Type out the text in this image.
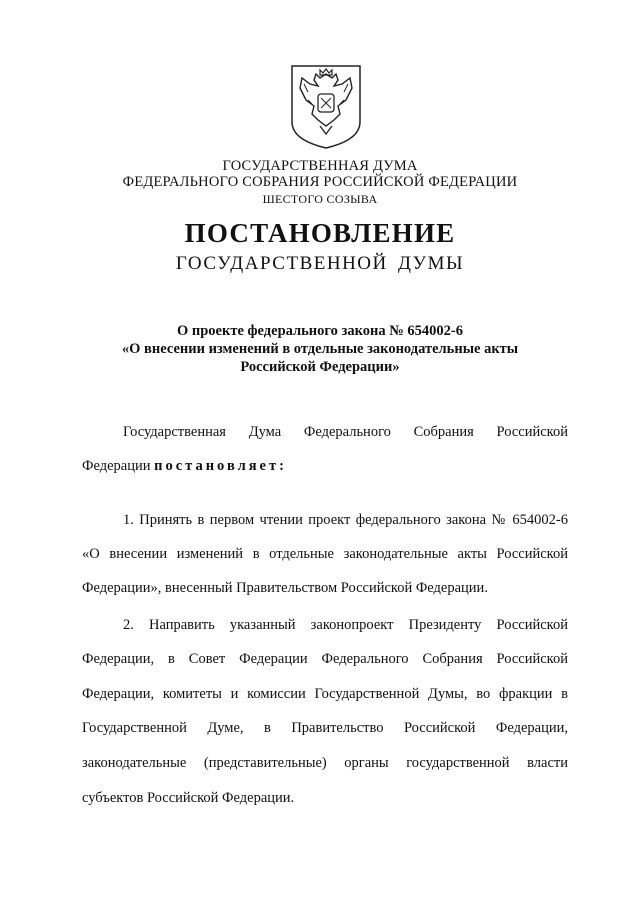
ГОСУДАРСТВЕННАЯ ДУМА
ФЕДЕРАЛЬНОГО СОБРАНИЯ РОССИЙСКОЙ ФЕДЕРАЦИИ
ШЕСТОГО СОЗЫВА
ПОСТАНОВЛЕНИЕ
ГОСУДАРСТВЕННОЙ ДУМЫ
О проекте федерального закона № 654002-6
«О внесении изменений в отдельные законодательные акты
Российской Федерации»
Государственная Дума Федерального Собрания Российской
Федерации постановляет:
1. Принять в первом чтении проект федерального закона № 654002-6
«О внесении изменений в отдельные законодательные акты Российской
Федерации», внесенный Правительством Российской Федерации.
2. Направить указанный законопроект Президенту Российской
Федерации, в Совет Федерации Федерального Собрания Российской
Федерации, комитеты и комиссии Государственной Думы, во фракции в
Государственной Думе, в Правительство Российской Федерации,
законодательные (представительные) органы государственной власти
субъектов Российской Федерации.
